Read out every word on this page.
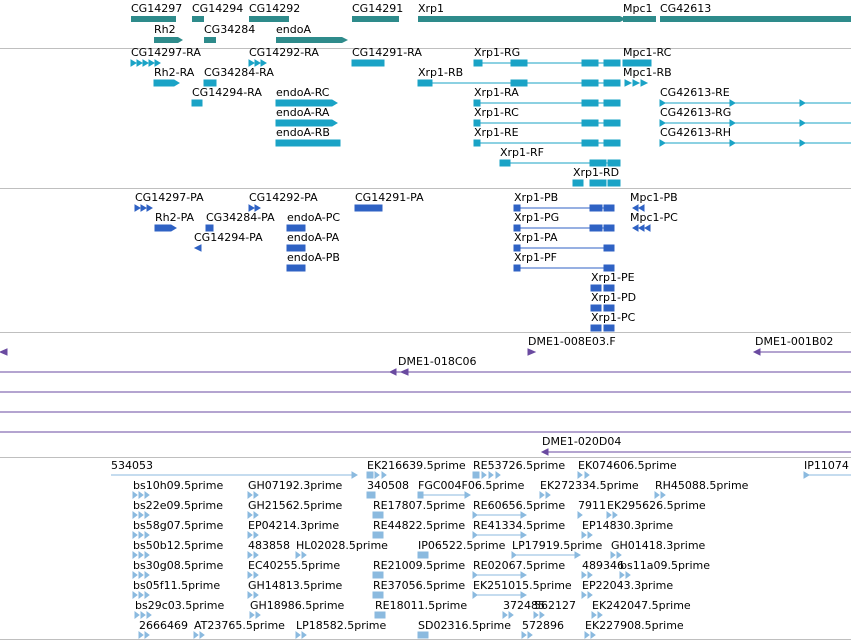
CG14297 CG14294 CG14292	CG14291 Xrp1	Mpc1 CG42613
Rh2	CG34284 endoA
CG14297-RA	CG14292-RA	CG14291-RA	Xrp1-RG	Mpc1-RC
Rh2-RA CG34284-RA	Xrp1-RB	Mpc1-RB
CG14294-RA endoA-RC	Xrp1-RA	CG42613-RE
endoA-RA	Xrp1-RC	CG42613-RG
endoA-RB	Xrp1-RE	CG42613-RH
Xrp1-RF
Xrp1-RD
CG14297-PA	CG14292-PA	CG14291-PA	Xrp1-PB	Mpc1-PB
Rh2-PA CG34284-PA endoA-PC	Xrp1-PG	Mpc1-PC
CG14294-PA endoA-PA	Xrp1-PA
endoA-PB	Xrp1-PF
Xrp1-PE
Xrp1-PD
Xrp1-PC
DME1-008E03.F	DME1-001B02
DME1-018C06
DME1-020D04
534053	EK216639.5prime RE53726.5prime EK074606.5prime	IP11074
bs10h09.5prime GH07192.3prime 340508 FGC004F06.5prime EK272334.5prime RH45088.5prime
bs22e09.5prime GH21562.5prime	RE17807.5prime RE60656.5prime 7911 EK295626.5prime
bs58g07.5prime EP04214.3prime	RE44822.5prime RE41334.5prime EP14830.3prime
bs50b12.5prime 483858 HL02028.5prime	IP06522.5prime LP17919.5prime GH01418.3prime
bs30g08.5prime EC40255.5prime	RE21009.5prime RE02067.5prime 489346
bs11a09.5prime
bs05f11.5prime	GH14813.5prime	RE37056.5prime EK251015.5prime EP22043.3prime
bs29c03.5prime GH18986.5prime	RE18011.5prime	372485
562127 EK242047.5prime
2666469 AT23765.5prime LP18582.5prime	SD02316.5prime 572896 EK227908.5prime
